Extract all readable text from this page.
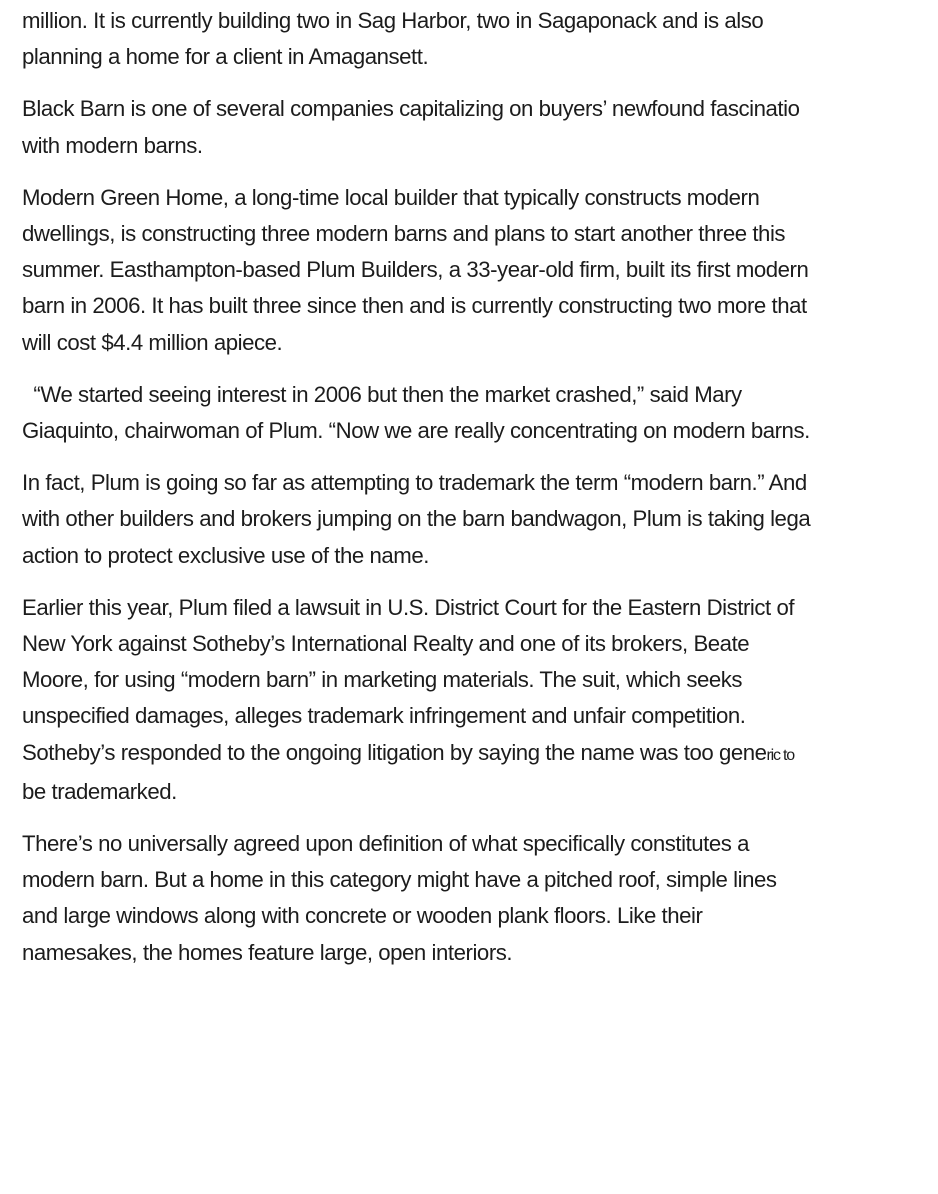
million. It is currently building two in Sag Harbor, two in Sagaponack and is also
planning a home for a client in Amagansett.

Black Barn is one of several companies capitalizing on buyers’ newfound fascinatio
with modern barns.

Modern Green Home, a long-time local builder that typically constructs modern
dwellings, is constructing three modern barns and plans to start another three this
summer. Easthampton-based Plum Builders, a 33-year-old firm, built its first modern
barn in 2006. It has built three since then and is currently constructing two more that
will cost $4.4 million apiece.

“We started seeing interest in 2006 but then the market crashed,” said Mary
Giaquinto, chairwoman of Plum. “Now we are really concentrating on modern barns.

In fact, Plum is going so far as attempting to trademark the term “modern barn.” And
with other builders and brokers jumping on the barn bandwagon, Plum is taking lega
action to protect exclusive use of the name.

Earlier this year, Plum filed a lawsuit in U.S. District Court for the Eastern District of
New York against Sotheby’s International Realty and one of its brokers, Beate
Moore, for using “modern barn” in marketing materials. The suit, which seeks
unspecified damages, alleges trademark infringement and unfair competition.
Sotheby’s responded to the ongoing litigation by saying the name was too generic to
be trademarked.

There’s no universally agreed upon definition of what specifically constitutes a
modern barn. But a home in this category might have a pitched roof, simple lines
and large windows along with concrete or wooden plank floors. Like their
namesakes, the homes feature large, open interiors.
